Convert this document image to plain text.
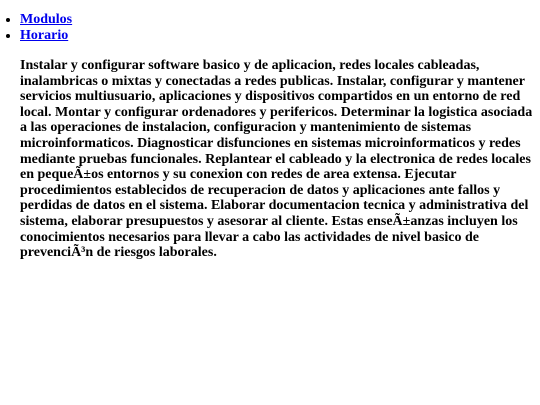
• Modulos
• Horario

Instalar y configurar software basico y de aplicacion, redes locales cableadas, inalambricas o mixtas y conectadas a redes publicas. Instalar, configurar y mantener servicios multiusuario, aplicaciones y dispositivos compartidos en un entorno de red local. Montar y configurar ordenadores y perifericos. Determinar la logistica asociada a las operaciones de instalacion, configuracion y mantenimiento de sistemas microinformaticos. Diagnosticar disfunciones en sistemas microinformaticos y redes mediante pruebas funcionales. Replantear el cableado y la electronica de redes locales en pequeÃ±os entornos y su conexion con redes de area extensa. Ejecutar procedimientos establecidos de recuperacion de datos y aplicaciones ante fallos y perdidas de datos en el sistema. Elaborar documentacion tecnica y administrativa del sistema, elaborar presupuestos y asesorar al cliente. Estas enseÃ±anzas incluyen los conocimientos necesarios para llevar a cabo las actividades de nivel basico de prevenciÃ³n de riesgos laborales.
